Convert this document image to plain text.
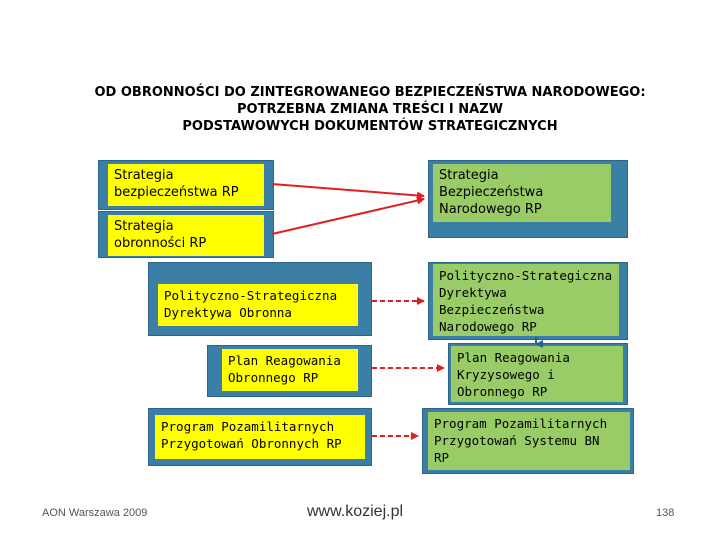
OD OBRONNOŚCI DO ZINTEGROWANEGO BEZPIECZEŃSTWA NARODOWEGO:
POTRZEBNA ZMIANA TREŚCI I NAZW
PODSTAWOWYCH DOKUMENTÓW STRATEGICZNYCH
Strategia
bezpieczeństwa RP
Strategia
obronności RP
Polityczno-Strategiczna
Dyrektywa Obronna
Plan Reagowania
Obronnego RP
Program Pozamilitarnych
Przygotowań Obronnych RP
Strategia
Bezpieczeństwa
Narodowego RP
Polityczno-Strategiczna
Dyrektywa
Bezpieczeństwa
Narodowego RP
Plan Reagowania
Kryzysowego i
Obronnego RP
Program Pozamilitarnych
Przygotowań Systemu BN
RP
AON Warszawa 2009	www.koziej.pl	138
